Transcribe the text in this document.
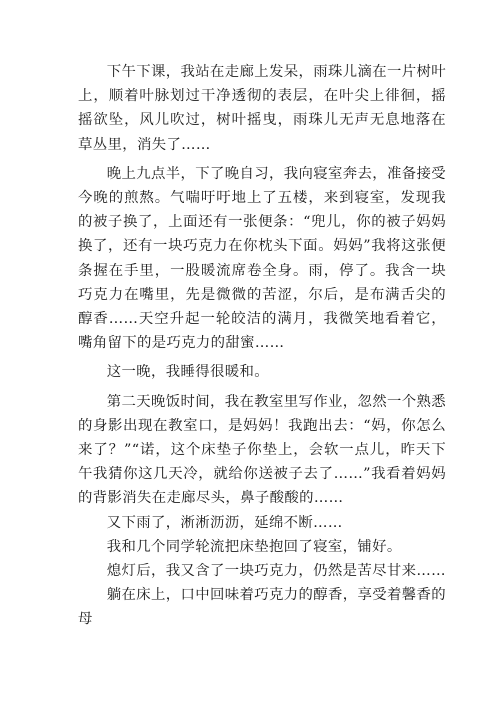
下午下课，我站在走廊上发呆，雨珠儿滴在一片树叶上，顺着叶脉划过干净透彻的表层，在叶尖上徘徊，摇摇欲坠，风儿吹过，树叶摇曳，雨珠儿无声无息地落在草丛里，消失了……

晚上九点半，下了晚自习，我向寝室奔去，准备接受今晚的煎熬。气喘吁吁地上了五楼，来到寝室，发现我的被子换了，上面还有一张便条：“兜儿，你的被子妈妈换了，还有一块巧克力在你枕头下面。妈妈”我将这张便条握在手里，一股暖流席卷全身。雨，停了。我含一块巧克力在嘴里，先是微微的苦涩，尔后，是布满舌尖的醇香……天空升起一轮皎洁的满月，我微笑地看着它，嘴角留下的是巧克力的甜蜜……

这一晚，我睡得很暖和。

第二天晚饭时间，我在教室里写作业，忽然一个熟悉的身影出现在教室口，是妈妈！我跑出去：“妈，你怎么来了？”“诺，这个床垫子你垫上，会软一点儿，昨天下午我猜你这几天冷，就给你送被子去了……”我看着妈妈的背影消失在走廊尽头，鼻子酸酸的……

又下雨了，淅淅沥沥，延绵不断……

我和几个同学轮流把床垫抱回了寝室，铺好。

熄灯后，我又含了一块巧克力，仍然是苦尽甘来……

躺在床上，口中回味着巧克力的醇香，享受着馨香的母
